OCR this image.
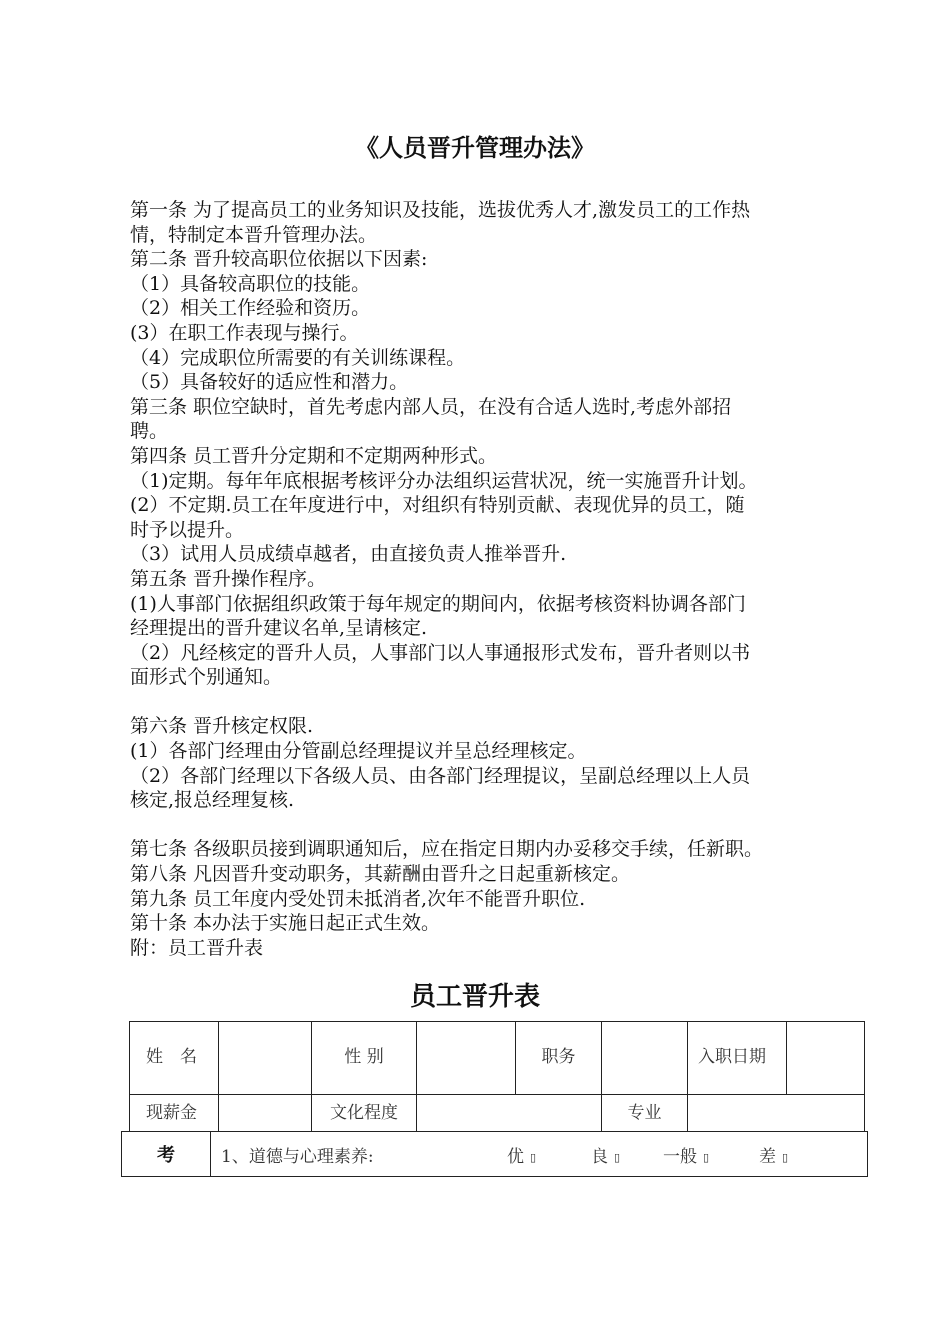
《人员晋升管理办法》
第一条 为了提高员工的业务知识及技能，选拔优秀人才,激发员工的工作热
情，特制定本晋升管理办法。
第二条 晋升较高职位依据以下因素:
（1）具备较高职位的技能。
（2）相关工作经验和资历。
(3）在职工作表现与操行。
（4）完成职位所需要的有关训练课程。
（5）具备较好的适应性和潜力。
第三条 职位空缺时，首先考虑内部人员，在没有合适人选时,考虑外部招
聘。
第四条 员工晋升分定期和不定期两种形式。
（1)定期。每年年底根据考核评分办法组织运营状况，统一实施晋升计划。
(2）不定期.员工在年度进行中，对组织有特别贡献、表现优异的员工，随
时予以提升。
（3）试用人员成绩卓越者，由直接负责人推举晋升.
第五条 晋升操作程序。
(1)人事部门依据组织政策于每年规定的期间内，依据考核资料协调各部门
经理提出的晋升建议名单,呈请核定.
（2）凡经核定的晋升人员，人事部门以人事通报形式发布，晋升者则以书
面形式个别通知。
第六条 晋升核定权限.
(1）各部门经理由分管副总经理提议并呈总经理核定。
（2）各部门经理以下各级人员、由各部门经理提议，呈副总经理以上人员
核定,报总经理复核.
第七条 各级职员接到调职通知后，应在指定日期内办妥移交手续，任新职。
第八条 凡因晋升变动职务，其薪酬由晋升之日起重新核定。
第九条 员工年度内受处罚未抵消者,次年不能晋升职位.
第十条 本办法于实施日起正式生效。
附：员工晋升表
员工晋升表
姓　名		性 别		职务		入职日期	

现薪金		文化程度			专业		
考	1、道德与心理素养:	优 ▯	良 ▯	一般 ▯	差 ▯
